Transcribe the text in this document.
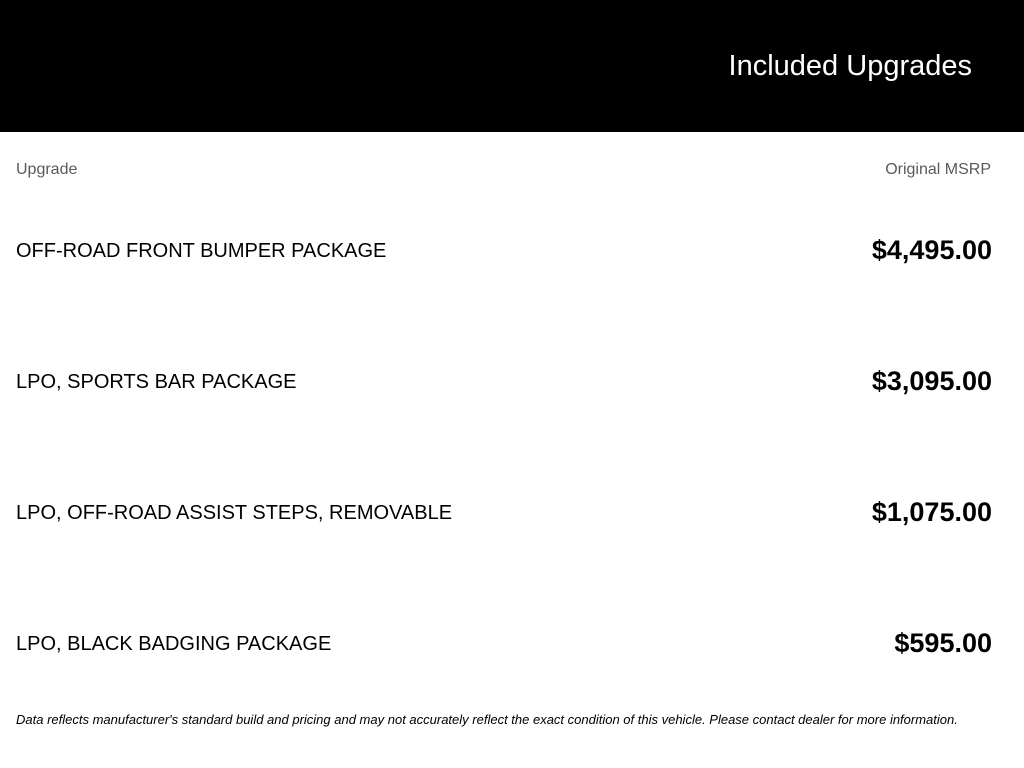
Included Upgrades
Upgrade	Original MSRP
OFF-ROAD FRONT BUMPER PACKAGE	$4,495.00
LPO, SPORTS BAR PACKAGE	$3,095.00
LPO, OFF-ROAD ASSIST STEPS, REMOVABLE	$1,075.00
LPO, BLACK BADGING PACKAGE	$595.00
Data reflects manufacturer's standard build and pricing and may not accurately reflect the exact condition of this vehicle. Please contact dealer for more information.
